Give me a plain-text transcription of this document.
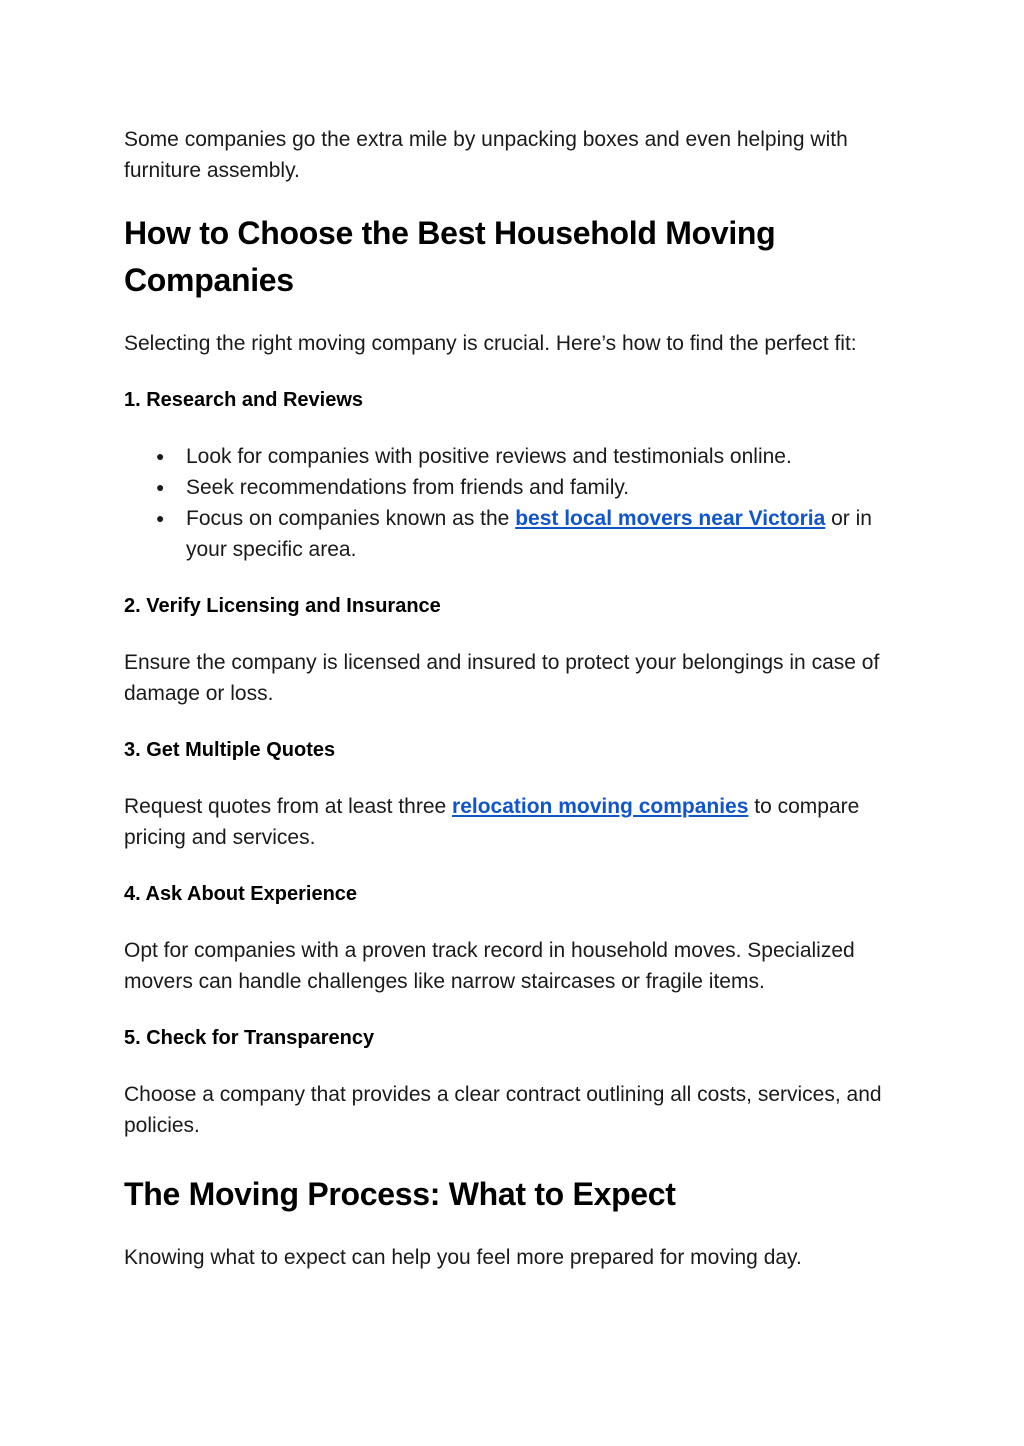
Some companies go the extra mile by unpacking boxes and even helping with furniture assembly.

How to Choose the Best Household Moving Companies

Selecting the right moving company is crucial. Here’s how to find the perfect fit:

1. Research and Reviews
● Look for companies with positive reviews and testimonials online.
● Seek recommendations from friends and family.
● Focus on companies known as the best local movers near Victoria or in your specific area.
2. Verify Licensing and Insurance

Ensure the company is licensed and insured to protect your belongings in case of damage or loss.

3. Get Multiple Quotes

Request quotes from at least three relocation moving companies to compare pricing and services.

4. Ask About Experience

Opt for companies with a proven track record in household moves. Specialized movers can handle challenges like narrow staircases or fragile items.

5. Check for Transparency

Choose a company that provides a clear contract outlining all costs, services, and policies.

The Moving Process: What to Expect

Knowing what to expect can help you feel more prepared for moving day.
